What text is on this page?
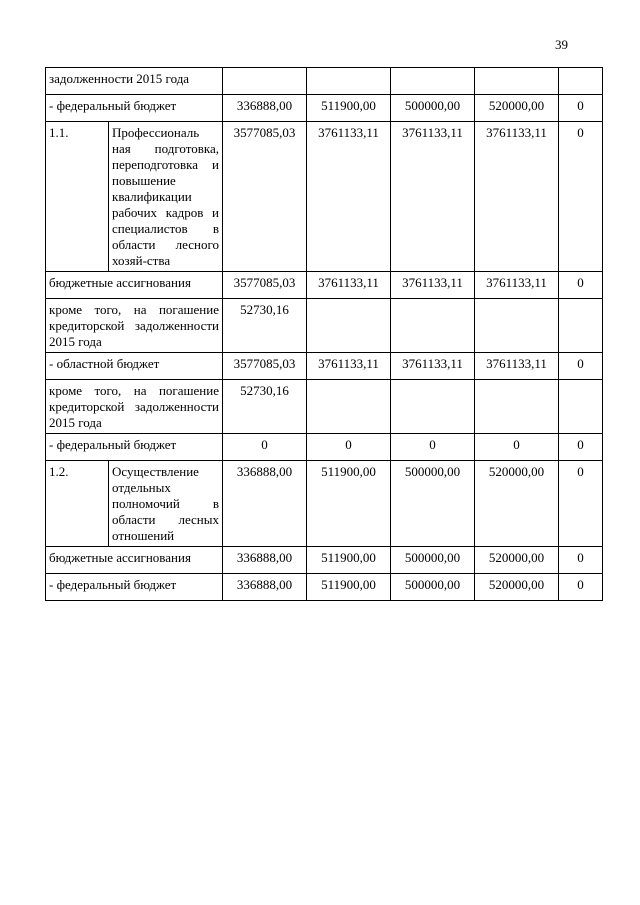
39
задолженности 2015 года						
- федеральный бюджет		336888,00	511900,00	500000,00	520000,00	0
1.1.	Профессиональ ная подготовка, переподготовка и повышение квалификации рабочих кадров и специалистов в области лесного хозяй-ства	3577085,03	3761133,11	3761133,11	3761133,11	0
бюджетные ассигнования		3577085,03	3761133,11	3761133,11	3761133,11	0
кроме того, на погашение кредиторской задолженности 2015 года		52730,16				
- областной бюджет		3577085,03	3761133,11	3761133,11	3761133,11	0
кроме того, на погашение кредиторской задолженности 2015 года		52730,16				
- федеральный бюджет		0	0	0	0	0
1.2.	Осуществление отдельных полномочий в области лесных отношений	336888,00	511900,00	500000,00	520000,00	0
бюджетные ассигнования		336888,00	511900,00	500000,00	520000,00	0
- федеральный бюджет		336888,00	511900,00	500000,00	520000,00	0
